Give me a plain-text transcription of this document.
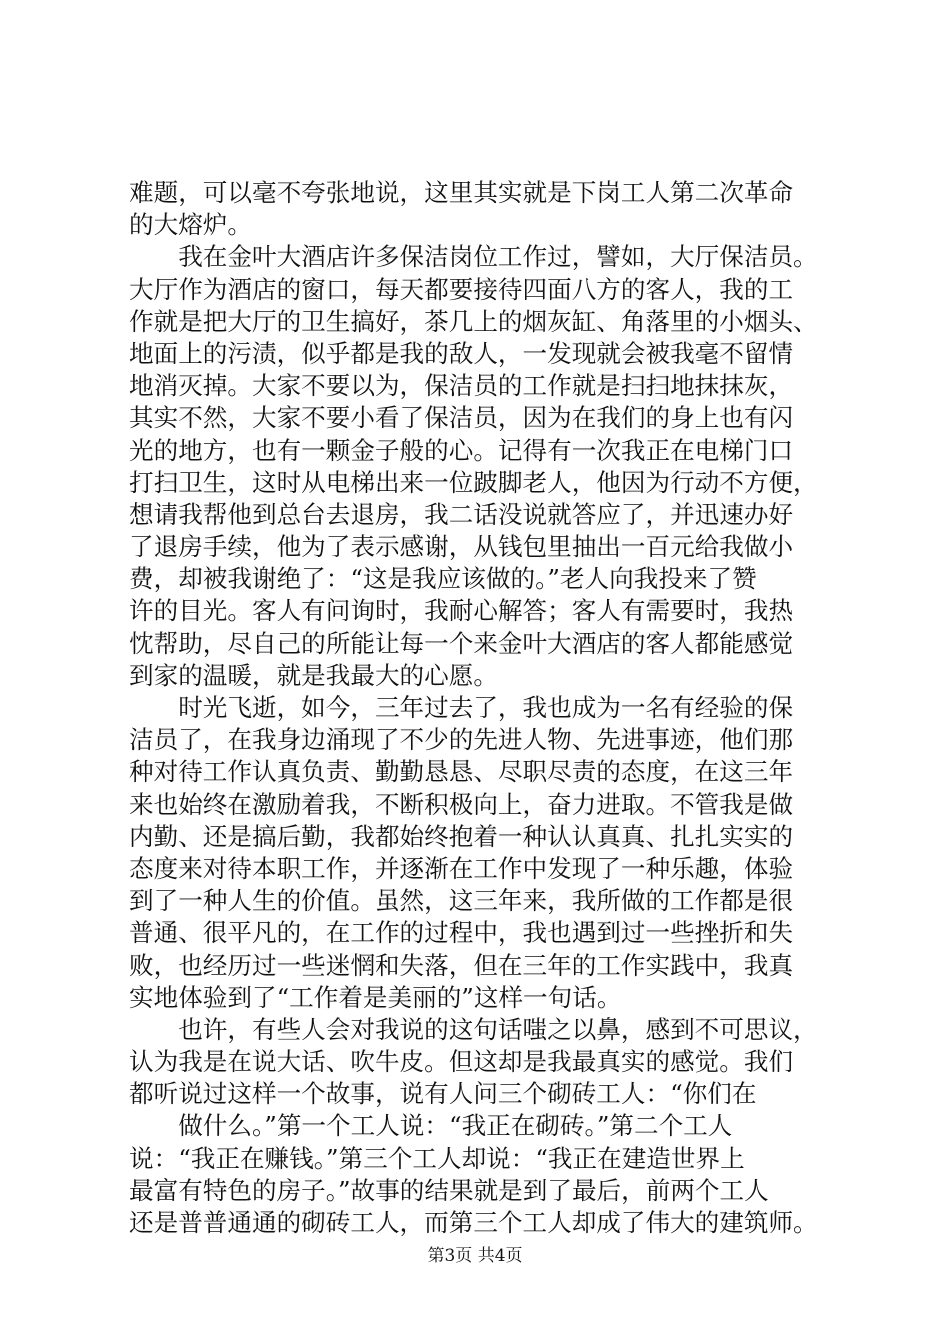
难题，可以毫不夸张地说，这里其实就是下岗工人第二次革命
的大熔炉。
　　我在金叶大酒店许多保洁岗位工作过，譬如，大厅保洁员。
大厅作为酒店的窗口，每天都要接待四面八方的客人，我的工
作就是把大厅的卫生搞好，茶几上的烟灰缸、角落里的小烟头、
地面上的污渍，似乎都是我的敌人，一发现就会被我毫不留情
地消灭掉。大家不要以为，保洁员的工作就是扫扫地抹抹灰，
其实不然，大家不要小看了保洁员，因为在我们的身上也有闪
光的地方，也有一颗金子般的心。记得有一次我正在电梯门口
打扫卫生，这时从电梯出来一位跛脚老人，他因为行动不方便，
想请我帮他到总台去退房，我二话没说就答应了，并迅速办好
了退房手续，他为了表示感谢，从钱包里抽出一百元给我做小
费，却被我谢绝了：“这是我应该做的。”老人向我投来了赞
许的目光。客人有问询时，我耐心解答；客人有需要时，我热
忱帮助，尽自己的所能让每一个来金叶大酒店的客人都能感觉
到家的温暖，就是我最大的心愿。
　　时光飞逝，如今，三年过去了，我也成为一名有经验的保
洁员了，在我身边涌现了不少的先进人物、先进事迹，他们那
种对待工作认真负责、勤勤恳恳、尽职尽责的态度，在这三年
来也始终在激励着我，不断积极向上，奋力进取。不管我是做
内勤、还是搞后勤，我都始终抱着一种认认真真、扎扎实实的
态度来对待本职工作，并逐渐在工作中发现了一种乐趣，体验
到了一种人生的价值。虽然，这三年来，我所做的工作都是很
普通、很平凡的，在工作的过程中，我也遇到过一些挫折和失
败，也经历过一些迷惘和失落，但在三年的工作实践中，我真
实地体验到了“工作着是美丽的”这样一句话。
　　也许，有些人会对我说的这句话嗤之以鼻，感到不可思议，
认为我是在说大话、吹牛皮。但这却是我最真实的感觉。我们
都听说过这样一个故事，说有人问三个砌砖工人：“你们在
　　做什么。”第一个工人说：“我正在砌砖。”第二个工人
说：“我正在赚钱。”第三个工人却说：“我正在建造世界上
最富有特色的房子。”故事的结果就是到了最后，前两个工人
还是普普通通的砌砖工人，而第三个工人却成了伟大的建筑师。
第3页 共4页
